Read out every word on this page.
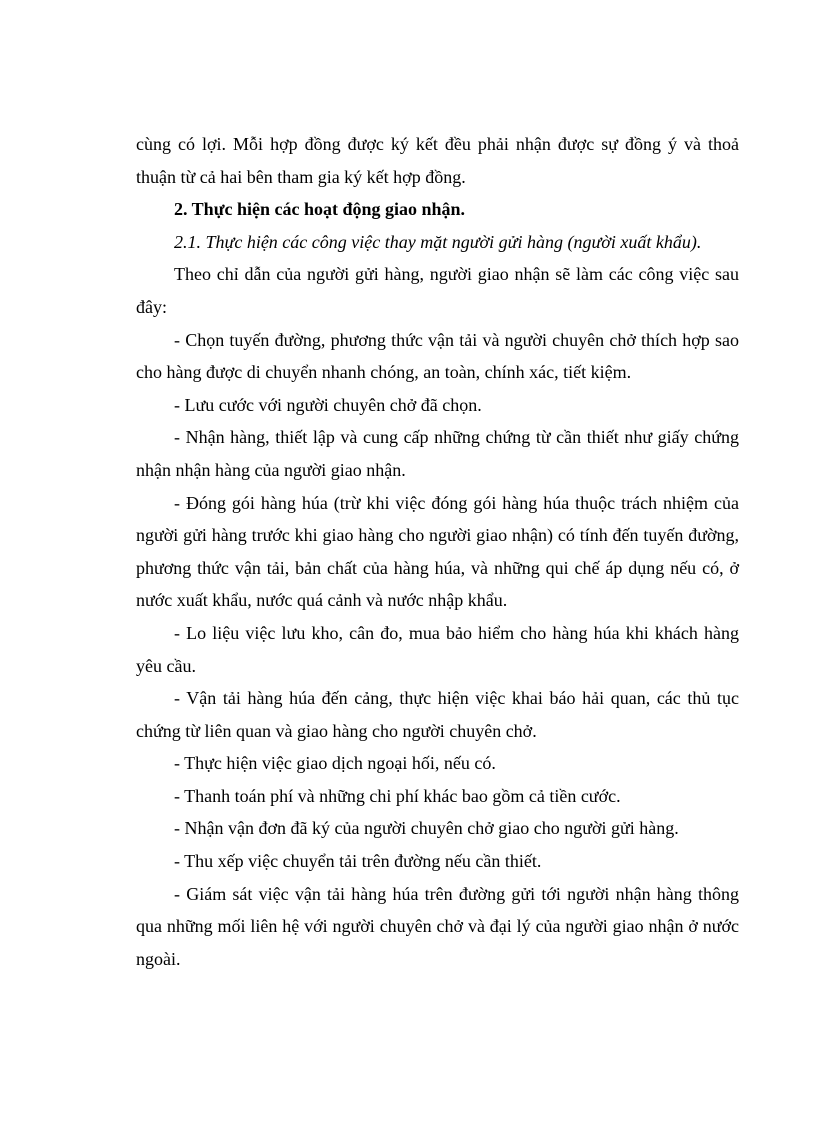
cùng có lợi. Mỗi hợp đồng được ký kết đều phải nhận được sự đồng ý và thoả thuận từ cả hai bên tham gia ký kết hợp đồng.

2. Thực hiện các hoạt động giao nhận.

2.1. Thực hiện các công việc thay mặt người gửi hàng (người xuất khẩu).

Theo chỉ dẫn của người gửi hàng, người giao nhận sẽ làm các công việc sau đây:

- Chọn tuyến đường, phương thức vận tải và người chuyên chở thích hợp sao cho hàng được di chuyển nhanh chóng, an toàn, chính xác, tiết kiệm.

- Lưu cước với người chuyên chở đã chọn.

- Nhận hàng, thiết lập và cung cấp những chứng từ cần thiết như giấy chứng nhận nhận hàng của người giao nhận.

- Đóng gói hàng húa (trừ khi việc đóng gói hàng húa thuộc trách nhiệm của người gửi hàng trước khi giao hàng cho người giao nhận) có tính đến tuyến đường, phương thức vận tải, bản chất của hàng húa, và những qui chế áp dụng nếu có, ở nước xuất khẩu, nước quá cảnh và nước nhập khẩu.

- Lo liệu việc lưu kho, cân đo, mua bảo hiểm cho hàng húa khi khách hàng yêu cầu.

- Vận tải hàng húa đến cảng, thực hiện việc khai báo hải quan, các thủ tục chứng từ liên quan và giao hàng cho người chuyên chở.

- Thực hiện việc giao dịch ngoại hối, nếu có.

- Thanh toán phí và những chi phí khác bao gồm cả tiền cước.

- Nhận vận đơn đã ký của người chuyên chở giao cho người gửi hàng.

- Thu xếp việc chuyển tải trên đường nếu cần thiết.

- Giám sát việc vận tải hàng húa trên đường gửi tới người nhận hàng thông qua những mối liên hệ với người chuyên chở và đại lý của người giao nhận ở nước ngoài.
